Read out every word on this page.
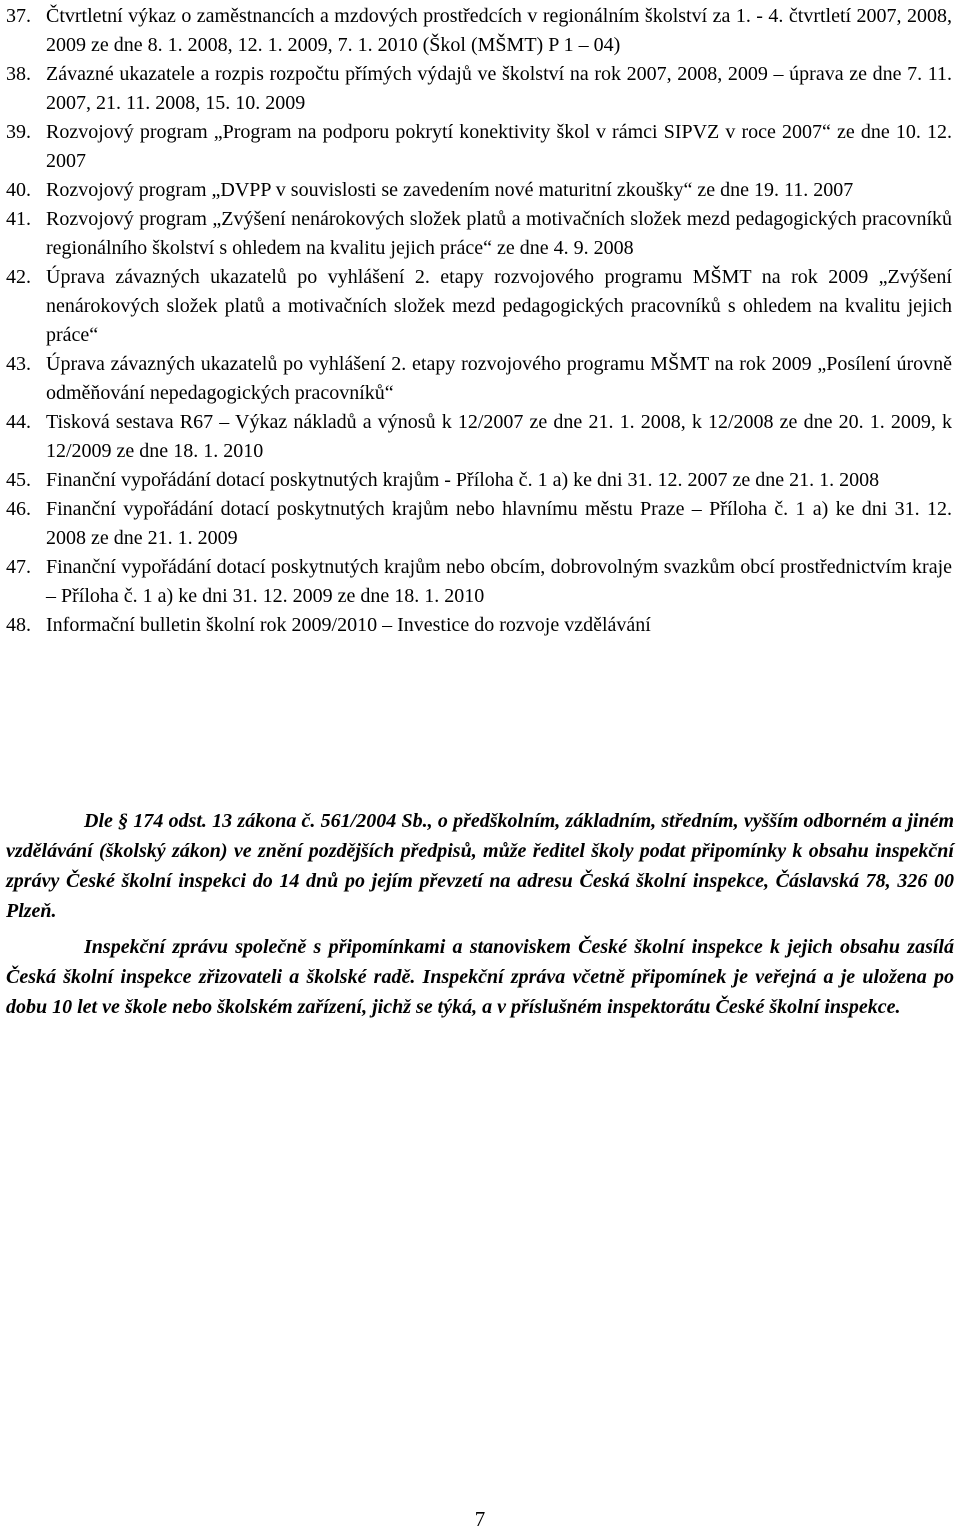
37. Čtvrtletní výkaz o zaměstnancích a mzdových prostředcích v regionálním školství za 1. - 4. čtvrtletí 2007, 2008, 2009 ze dne 8. 1. 2008, 12. 1. 2009, 7. 1. 2010 (Škol (MŠMT) P 1 – 04)
38. Závazné ukazatele a rozpis rozpočtu přímých výdajů ve školství na rok 2007, 2008, 2009 – úprava ze dne 7. 11. 2007, 21. 11. 2008, 15. 10. 2009
39. Rozvojový program „Program na podporu pokrytí konektivity škol v rámci SIPVZ v roce 2007“ ze dne 10. 12. 2007
40. Rozvojový program „DVPP v souvislosti se zavedením nové maturitní zkoušky“ ze dne 19. 11. 2007
41. Rozvojový program „Zvýšení nenárokových složek platů a motivačních složek mezd pedagogických pracovníků regionálního školství s ohledem na kvalitu jejich práce“ ze dne 4. 9. 2008
42. Úprava závazných ukazatelů po vyhlášení 2. etapy rozvojového programu MŠMT na rok 2009 „Zvýšení nenárokových složek platů a motivačních složek mezd pedagogických pracovníků s ohledem na kvalitu jejich práce“
43. Úprava závazných ukazatelů po vyhlášení 2. etapy rozvojového programu MŠMT na rok 2009 „Posílení úrovně odměňování nepedagogických pracovníků“
44. Tisková sestava R67 – Výkaz nákladů a výnosů k 12/2007 ze dne 21. 1. 2008, k 12/2008 ze dne 20. 1. 2009, k 12/2009 ze dne 18. 1. 2010
45. Finanční vypořádání dotací poskytnutých krajům - Příloha č. 1 a) ke dni 31. 12. 2007 ze dne 21. 1. 2008
46. Finanční vypořádání dotací poskytnutých krajům nebo hlavnímu městu Praze – Příloha č. 1 a) ke dni 31. 12. 2008 ze dne 21. 1. 2009
47. Finanční vypořádání dotací poskytnutých krajům nebo obcím, dobrovolným svazkům obcí prostřednictvím kraje – Příloha č. 1 a) ke dni 31. 12. 2009 ze dne 18. 1. 2010
48. Informační bulletin školní rok 2009/2010 – Investice do rozvoje vzdělávání

Dle § 174 odst. 13 zákona č. 561/2004 Sb., o předškolním, základním, středním, vyšším odborném a jiném vzdělávání (školský zákon) ve znění pozdějších předpisů, může ředitel školy podat připomínky k obsahu inspekční zprávy České školní inspekci do 14 dnů po jejím převzetí na adresu Česká školní inspekce, Čáslavská 78, 326 00 Plzeň.

Inspekční zprávu společně s připomínkami a stanoviskem České školní inspekce k jejich obsahu zasílá Česká školní inspekce zřizovateli a školské radě. Inspekční zpráva včetně připomínek je veřejná a je uložena po dobu 10 let ve škole nebo školském zařízení, jichž se týká, a v příslušném inspektorátu České školní inspekce.

7
